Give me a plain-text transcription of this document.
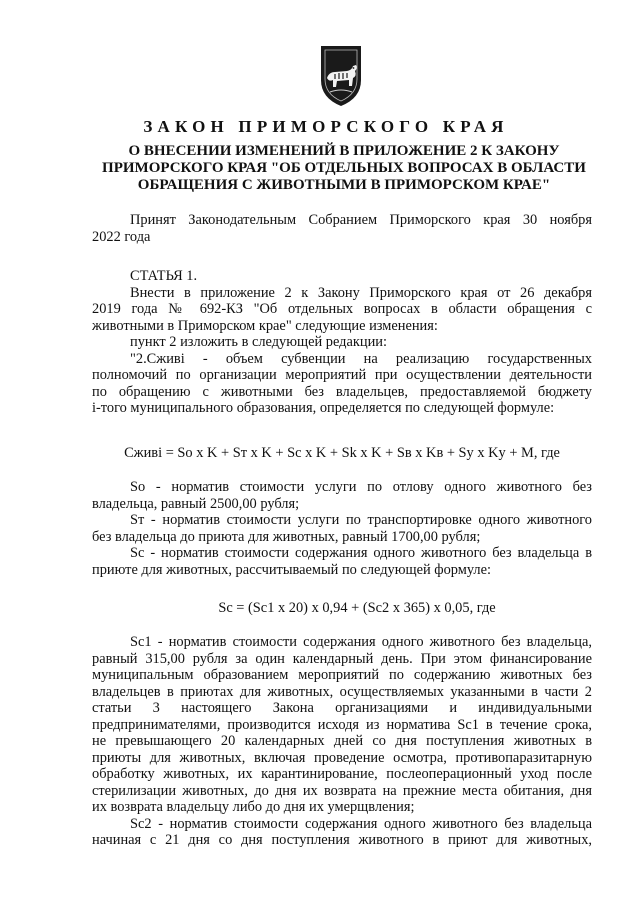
ЗАКОН ПРИМОРСКОГО КРАЯ
О ВНЕСЕНИИ ИЗМЕНЕНИЙ В ПРИЛОЖЕНИЕ 2 К ЗАКОНУ
ПРИМОРСКОГО КРАЯ "ОБ ОТДЕЛЬНЫХ ВОПРОСАХ В ОБЛАСТИ
ОБРАЩЕНИЯ С ЖИВОТНЫМИ В ПРИМОРСКОМ КРАЕ"
Принят Законодательным Собранием Приморского края 30 ноября
2022 года
СТАТЬЯ 1.
Внести в приложение 2 к Закону Приморского края от 26 декабря
2019 года № 692-КЗ "Об отдельных вопросах в области обращения с
животными в Приморском крае" следующие изменения:
пункт 2 изложить в следующей редакции:
"2.Сживі - объем субвенции на реализацию государственных
полномочий по организации мероприятий при осуществлении деятельности
по обращению с животными без владельцев, предоставляемой бюджету
i-того муниципального образования, определяется по следующей формуле:
Сживі = So x K + Sт x K + Sс x K + Sk x K + Sв x Kв + Sy x Ky + M, где
So - норматив стоимости услуги по отлову одного животного без
владельца, равный 2500,00 рубля;
Sт - норматив стоимости услуги по транспортировке одного животного
без владельца до приюта для животных, равный 1700,00 рубля;
Sс - норматив стоимости содержания одного животного без владельца в
приюте для животных, рассчитываемый по следующей формуле:
Sс = (Sс1 x 20) x 0,94 + (Sс2 x 365) x 0,05, где
Sс1 - норматив стоимости содержания одного животного без владельца,
равный 315,00 рубля за один календарный день. При этом финансирование
муниципальным образованием мероприятий по содержанию животных без
владельцев в приютах для животных, осуществляемых указанными в части 2
статьи 3 настоящего Закона организациями и индивидуальными
предпринимателями, производится исходя из норматива Sс1 в течение срока,
не превышающего 20 календарных дней со дня поступления животных в
приюты для животных, включая проведение осмотра, противопаразитарную
обработку животных, их карантинирование, послеоперационный уход после
стерилизации животных, до дня их возврата на прежние места обитания, дня
их возврата владельцу либо до дня их умерщвления;
Sс2 - норматив стоимости содержания одного животного без владельца
начиная с 21 дня со дня поступления животного в приют для животных,
